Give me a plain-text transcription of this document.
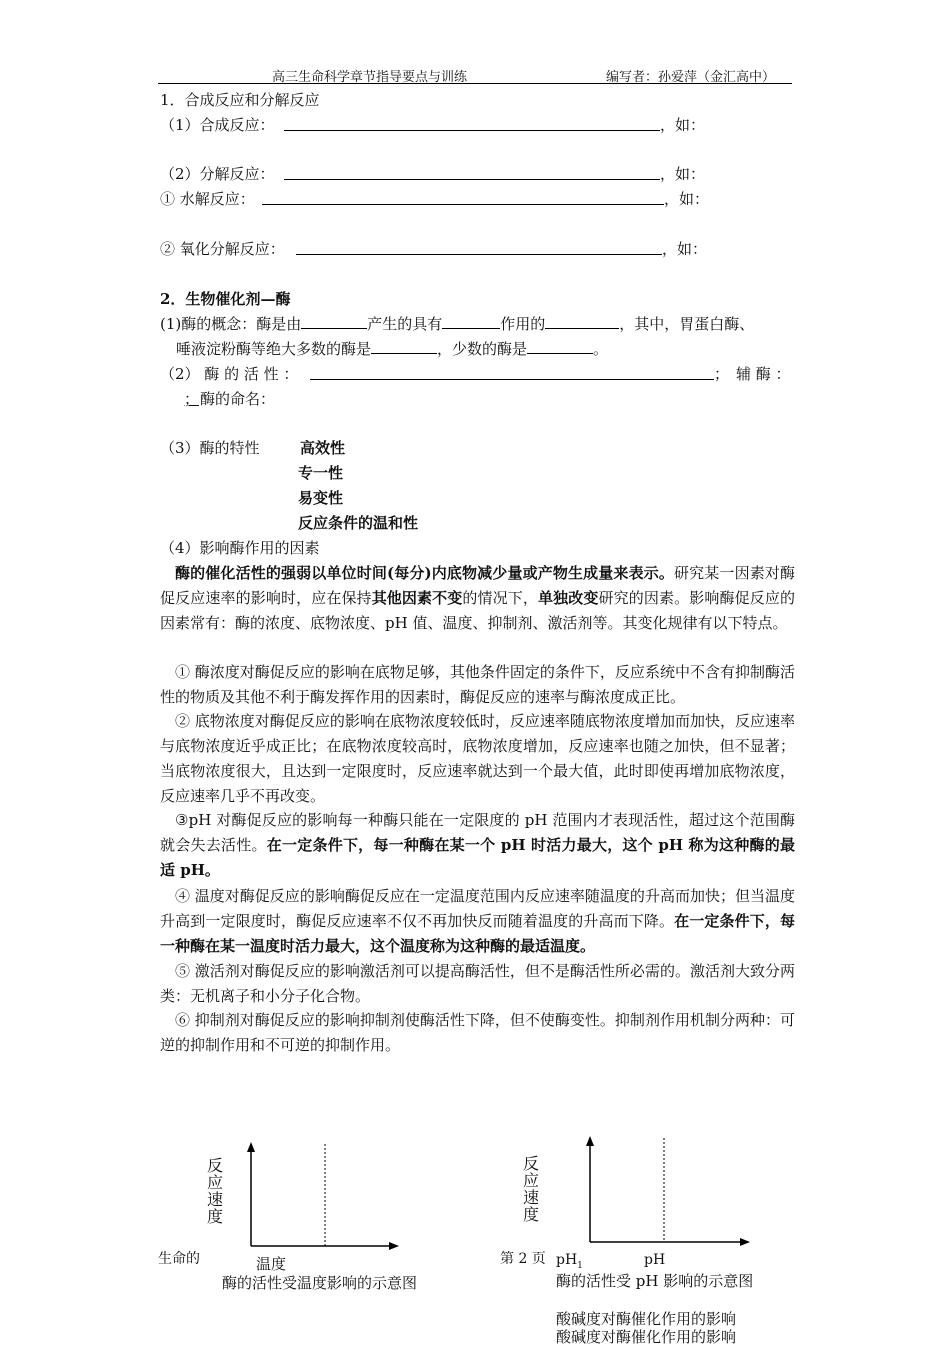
高三生命科学章节指导要点与训练	编写者：孙爱萍（金汇高中）
1．合成反应和分解反应
（1）合成反应：	，如：
（2）分解反应：	，如：
① 水解反应：	，如：
② 氧化分解反应：	，如：
2．生物催化剂—酶
(1)酶的概念：酶是由	产生的具有	作用的	，其中，胃蛋白酶、
唾液淀粉酶等绝大多数的酶是	，少数的酶是	。
（2） 酶 的 活 性 ：	； 辅 酶 ：
； 酶的命名：
（3）酶的特性	高效性
专一性
易变性
反应条件的温和性
（4）影响酶作用的因素
酶的催化活性的强弱以单位时间(每分)内底物减少量或产物生成量来表示。研究某一因素对酶促反应速率的影响时，应在保持其他因素不变的情况下，单独改变研究的因素。影响酶促反应的因素常有：酶的浓度、底物浓度、pH 值、温度、抑制剂、激活剂等。其变化规律有以下特点。
① 酶浓度对酶促反应的影响在底物足够，其他条件固定的条件下，反应系统中不含有抑制酶活性的物质及其他不利于酶发挥作用的因素时，酶促反应的速率与酶浓度成正比。
② 底物浓度对酶促反应的影响在底物浓度较低时，反应速率随底物浓度增加而加快，反应速率与底物浓度近乎成正比；在底物浓度较高时，底物浓度增加，反应速率也随之加快，但不显著；当底物浓度很大，且达到一定限度时，反应速率就达到一个最大值，此时即使再增加底物浓度，反应速率几乎不再改变。
③pH 对酶促反应的影响每一种酶只能在一定限度的 pH 范围内才表现活性，超过这个范围酶就会失去活性。在一定条件下，每一种酶在某一个 pH 时活力最大，这个 pH 称为这种酶的最适 pH。
④ 温度对酶促反应的影响酶促反应在一定温度范围内反应速率随温度的升高而加快；但当温度升高到一定限度时，酶促反应速率不仅不再加快反而随着温度的升高而下降。在一定条件下，每一种酶在某一温度时活力最大，这个温度称为这种酶的最适温度。
⑤ 激活剂对酶促反应的影响激活剂可以提高酶活性，但不是酶活性所必需的。激活剂大致分两类：无机离子和小分子化合物。
⑥ 抑制剂对酶促反应的影响抑制剂使酶活性下降，但不使酶变性。抑制剂作用机制分两种：可逆的抑制作用和不可逆的抑制作用。
反
应
速
度
生命的	温度
酶的活性受温度影响的示意图
反
应
速
度
第 2 页 $pH_1$	pH
酶的活性受 pH 影响的示意图
酸碱度对酶催化作用的影响
酸碱度对酶催化作用的影响
